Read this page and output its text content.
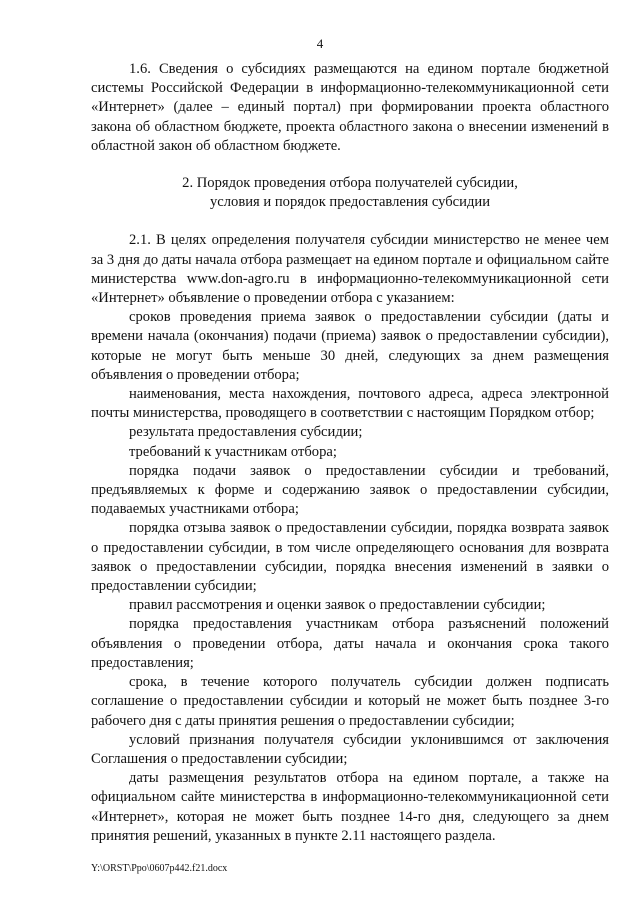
4

1.6. Сведения о субсидиях размещаются на едином портале бюджетной системы Российской Федерации в информационно-телекоммуникационной сети «Интернет» (далее – единый портал) при формировании проекта областного закона об областном бюджете, проекта областного закона о внесении изменений в областной закон об областном бюджете.

2. Порядок проведения отбора получателей субсидии,
условия и порядок предоставления субсидии

2.1. В целях определения получателя субсидии министерство не менее чем за 3 дня до даты начала отбора размещает на едином портале и официальном сайте министерства www.don-agro.ru в информационно-телекоммуникационной сети «Интернет» объявление о проведении отбора с указанием:

сроков проведения приема заявок о предоставлении субсидии (даты и времени начала (окончания) подачи (приема) заявок о предоставлении субсидии), которые не могут быть меньше 30 дней, следующих за днем размещения объявления о проведении отбора;

наименования, места нахождения, почтового адреса, адреса электронной почты министерства, проводящего в соответствии с настоящим Порядком отбор;

результата предоставления субсидии;

требований к участникам отбора;

порядка подачи заявок о предоставлении субсидии и требований, предъявляемых к форме и содержанию заявок о предоставлении субсидии, подаваемых участниками отбора;

порядка отзыва заявок о предоставлении субсидии, порядка возврата заявок о предоставлении субсидии, в том числе определяющего основания для возврата заявок о предоставлении субсидии, порядка внесения изменений в заявки о предоставлении субсидии;

правил рассмотрения и оценки заявок о предоставлении субсидии;

порядка предоставления участникам отбора разъяснений положений объявления о проведении отбора, даты начала и окончания срока такого предоставления;

срока, в течение которого получатель субсидии должен подписать соглашение о предоставлении субсидии и который не может быть позднее 3-го рабочего дня с даты принятия решения о предоставлении субсидии;

условий признания получателя субсидии уклонившимся от заключения Соглашения о предоставлении субсидии;

даты размещения результатов отбора на едином портале, а также на официальном сайте министерства в информационно-телекоммуникационной сети «Интернет», которая не может быть позднее 14-го дня, следующего за днем принятия решений, указанных в пункте 2.11 настоящего раздела.

Y:\ORST\Ppo\0607p442.f21.docx
